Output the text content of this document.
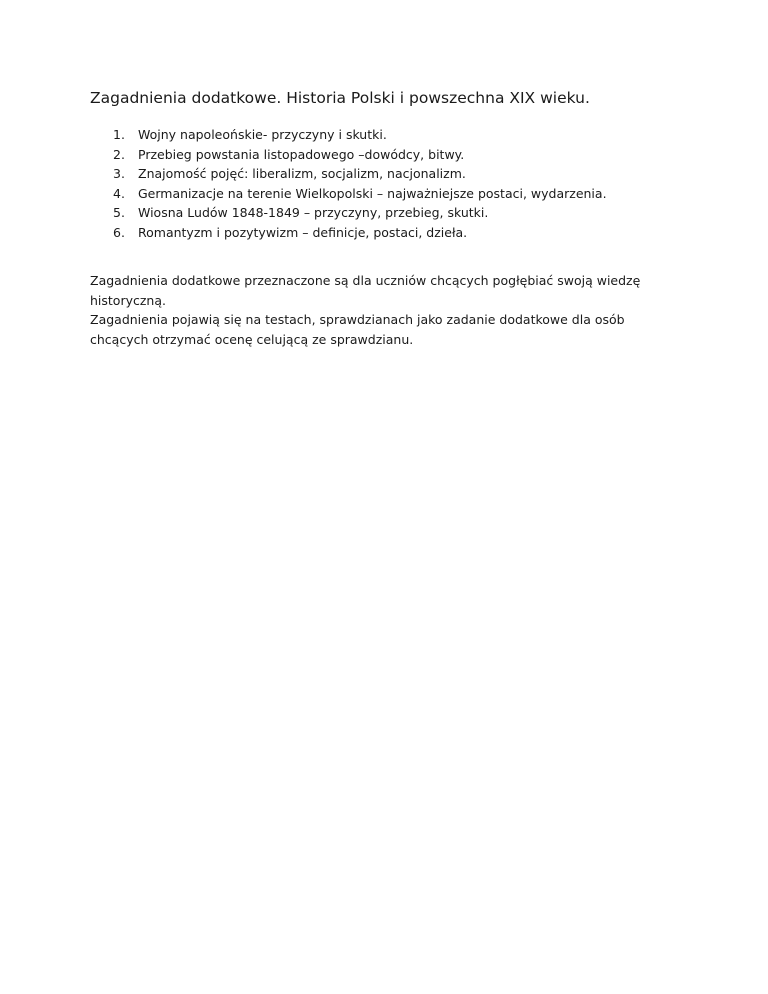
Zagadnienia dodatkowe. Historia Polski i powszechna XIX wieku.
1. Wojny napoleońskie- przyczyny i skutki.
2. Przebieg powstania listopadowego –dowódcy, bitwy.
3. Znajomość pojęć: liberalizm, socjalizm, nacjonalizm.
4. Germanizacje na terenie Wielkopolski – najważniejsze postaci, wydarzenia.
5. Wiosna Ludów 1848-1849 – przyczyny, przebieg, skutki.
6. Romantyzm i pozytywizm – definicje, postaci, dzieła.

Zagadnienia dodatkowe przeznaczone są dla uczniów chcących pogłębiać swoją wiedzę historyczną.

Zagadnienia pojawią się na testach, sprawdzianach jako zadanie dodatkowe dla osób chcących otrzymać ocenę celującą ze sprawdzianu.
